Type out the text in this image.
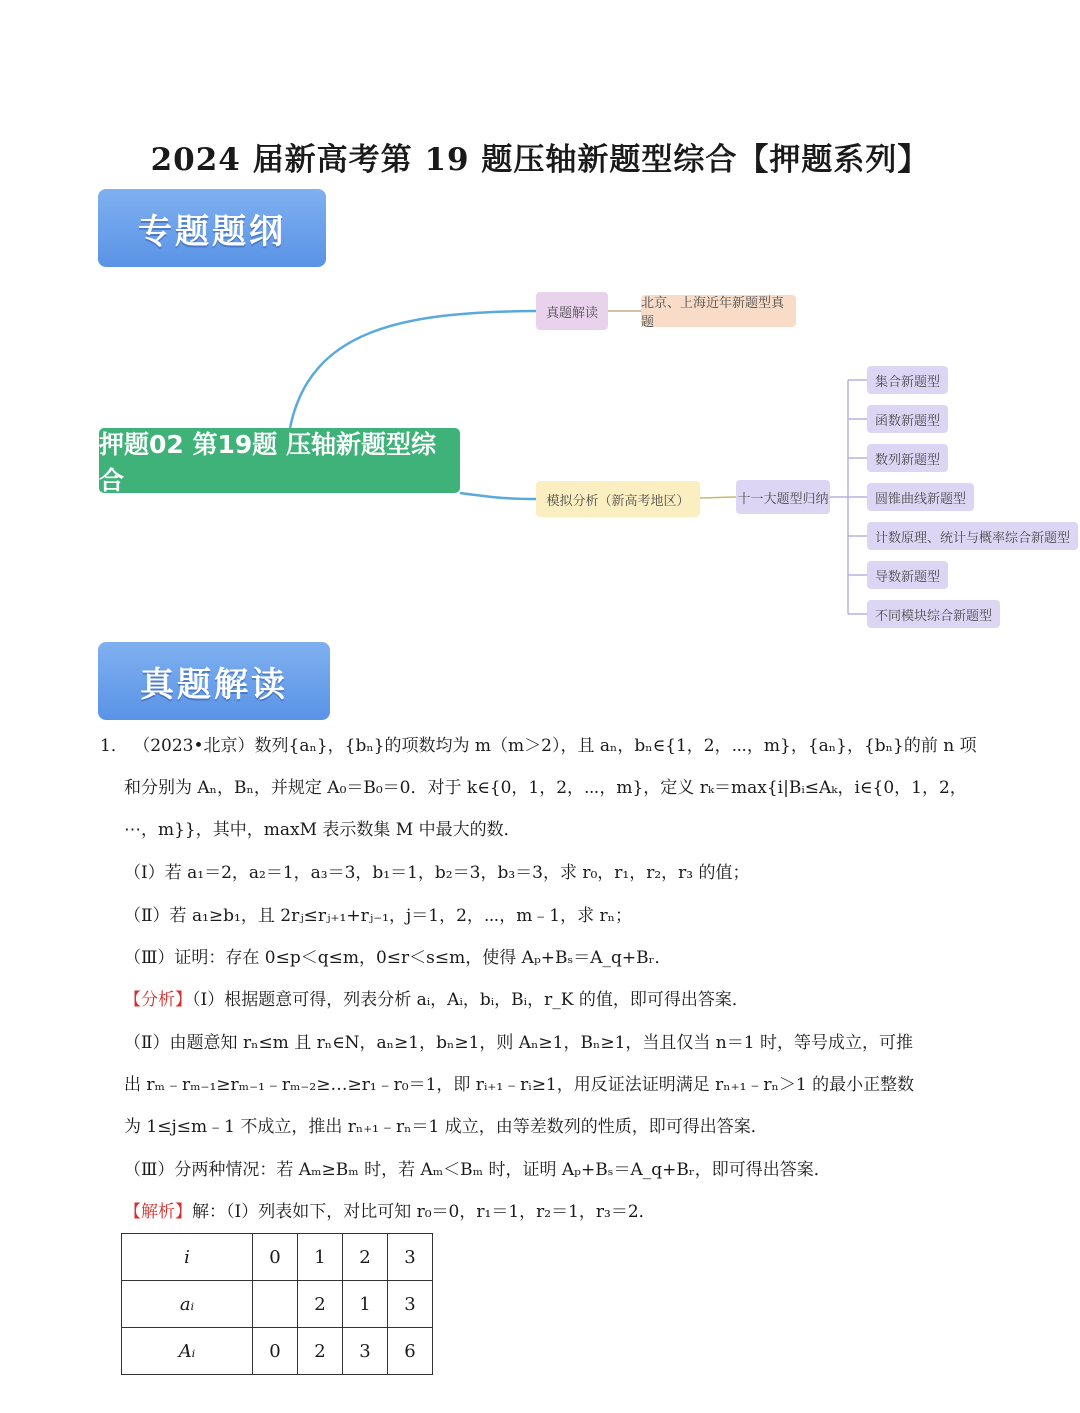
2024 届新高考第 19 题压轴新题型综合【押题系列】
专题题纲
押题02 第19题 压轴新题型综合
真题解读
北京、上海近年新题型真题
模拟分析（新高考地区）	十一大题型归纳
集合新题型
函数新题型
数列新题型
圆锥曲线新题型
计数原理、统计与概率综合新题型
导数新题型
不同模块综合新题型
真题解读
1． （2023•北京）数列{aₙ}，{bₙ}的项数均为 m（m＞2），且 aₙ，bₙ∈{1，2，⋯，m}，{aₙ}，{bₙ}的前 n 项
和分别为 Aₙ，Bₙ，并规定 A₀＝B₀＝0．对于 k∈{0，1，2，⋯，m}，定义 rₖ＝max{i|Bᵢ≤Aₖ，i∈{0，1，2，
⋯，m}}，其中，maxM 表示数集 M 中最大的数．
（Ⅰ）若 a₁＝2，a₂＝1，a₃＝3，b₁＝1，b₂＝3，b₃＝3，求 r₀，r₁，r₂，r₃ 的值；
（Ⅱ）若 a₁≥b₁，且 2rⱼ≤rⱼ₊₁+rⱼ₋₁，j＝1，2，⋯，m﹣1，求 rₙ；
（Ⅲ）证明：存在 0≤p＜q≤m，0≤r＜s≤m，使得 Aₚ+Bₛ＝A_q+Bᵣ．
【分析】（Ⅰ）根据题意可得，列表分析 aᵢ，Aᵢ，bᵢ，Bᵢ，r_K 的值，即可得出答案．
（Ⅱ）由题意知 rₙ≤m 且 rₙ∈N，aₙ≥1，bₙ≥1，则 Aₙ≥1，Bₙ≥1，当且仅当 n＝1 时，等号成立，可推
出 rₘ﹣rₘ₋₁≥rₘ₋₁﹣rₘ₋₂≥…≥r₁﹣r₀＝1，即 rᵢ₊₁﹣rᵢ≥1，用反证法证明满足 rₙ₊₁﹣rₙ＞1 的最小正整数
为 1≤j≤m﹣1 不成立，推出 rₙ₊₁﹣rₙ＝1 成立，由等差数列的性质，即可得出答案．
（Ⅲ）分两种情况：若 Aₘ≥Bₘ 时，若 Aₘ＜Bₘ 时，证明 Aₚ+Bₛ＝A_q+Bᵣ，即可得出答案．
【解析】解：（Ⅰ）列表如下，对比可知 r₀＝0，r₁＝1，r₂＝1，r₃＝2．
i	0	1	2	3
aᵢ		2	1	3
Aᵢ	0	2	3	6
